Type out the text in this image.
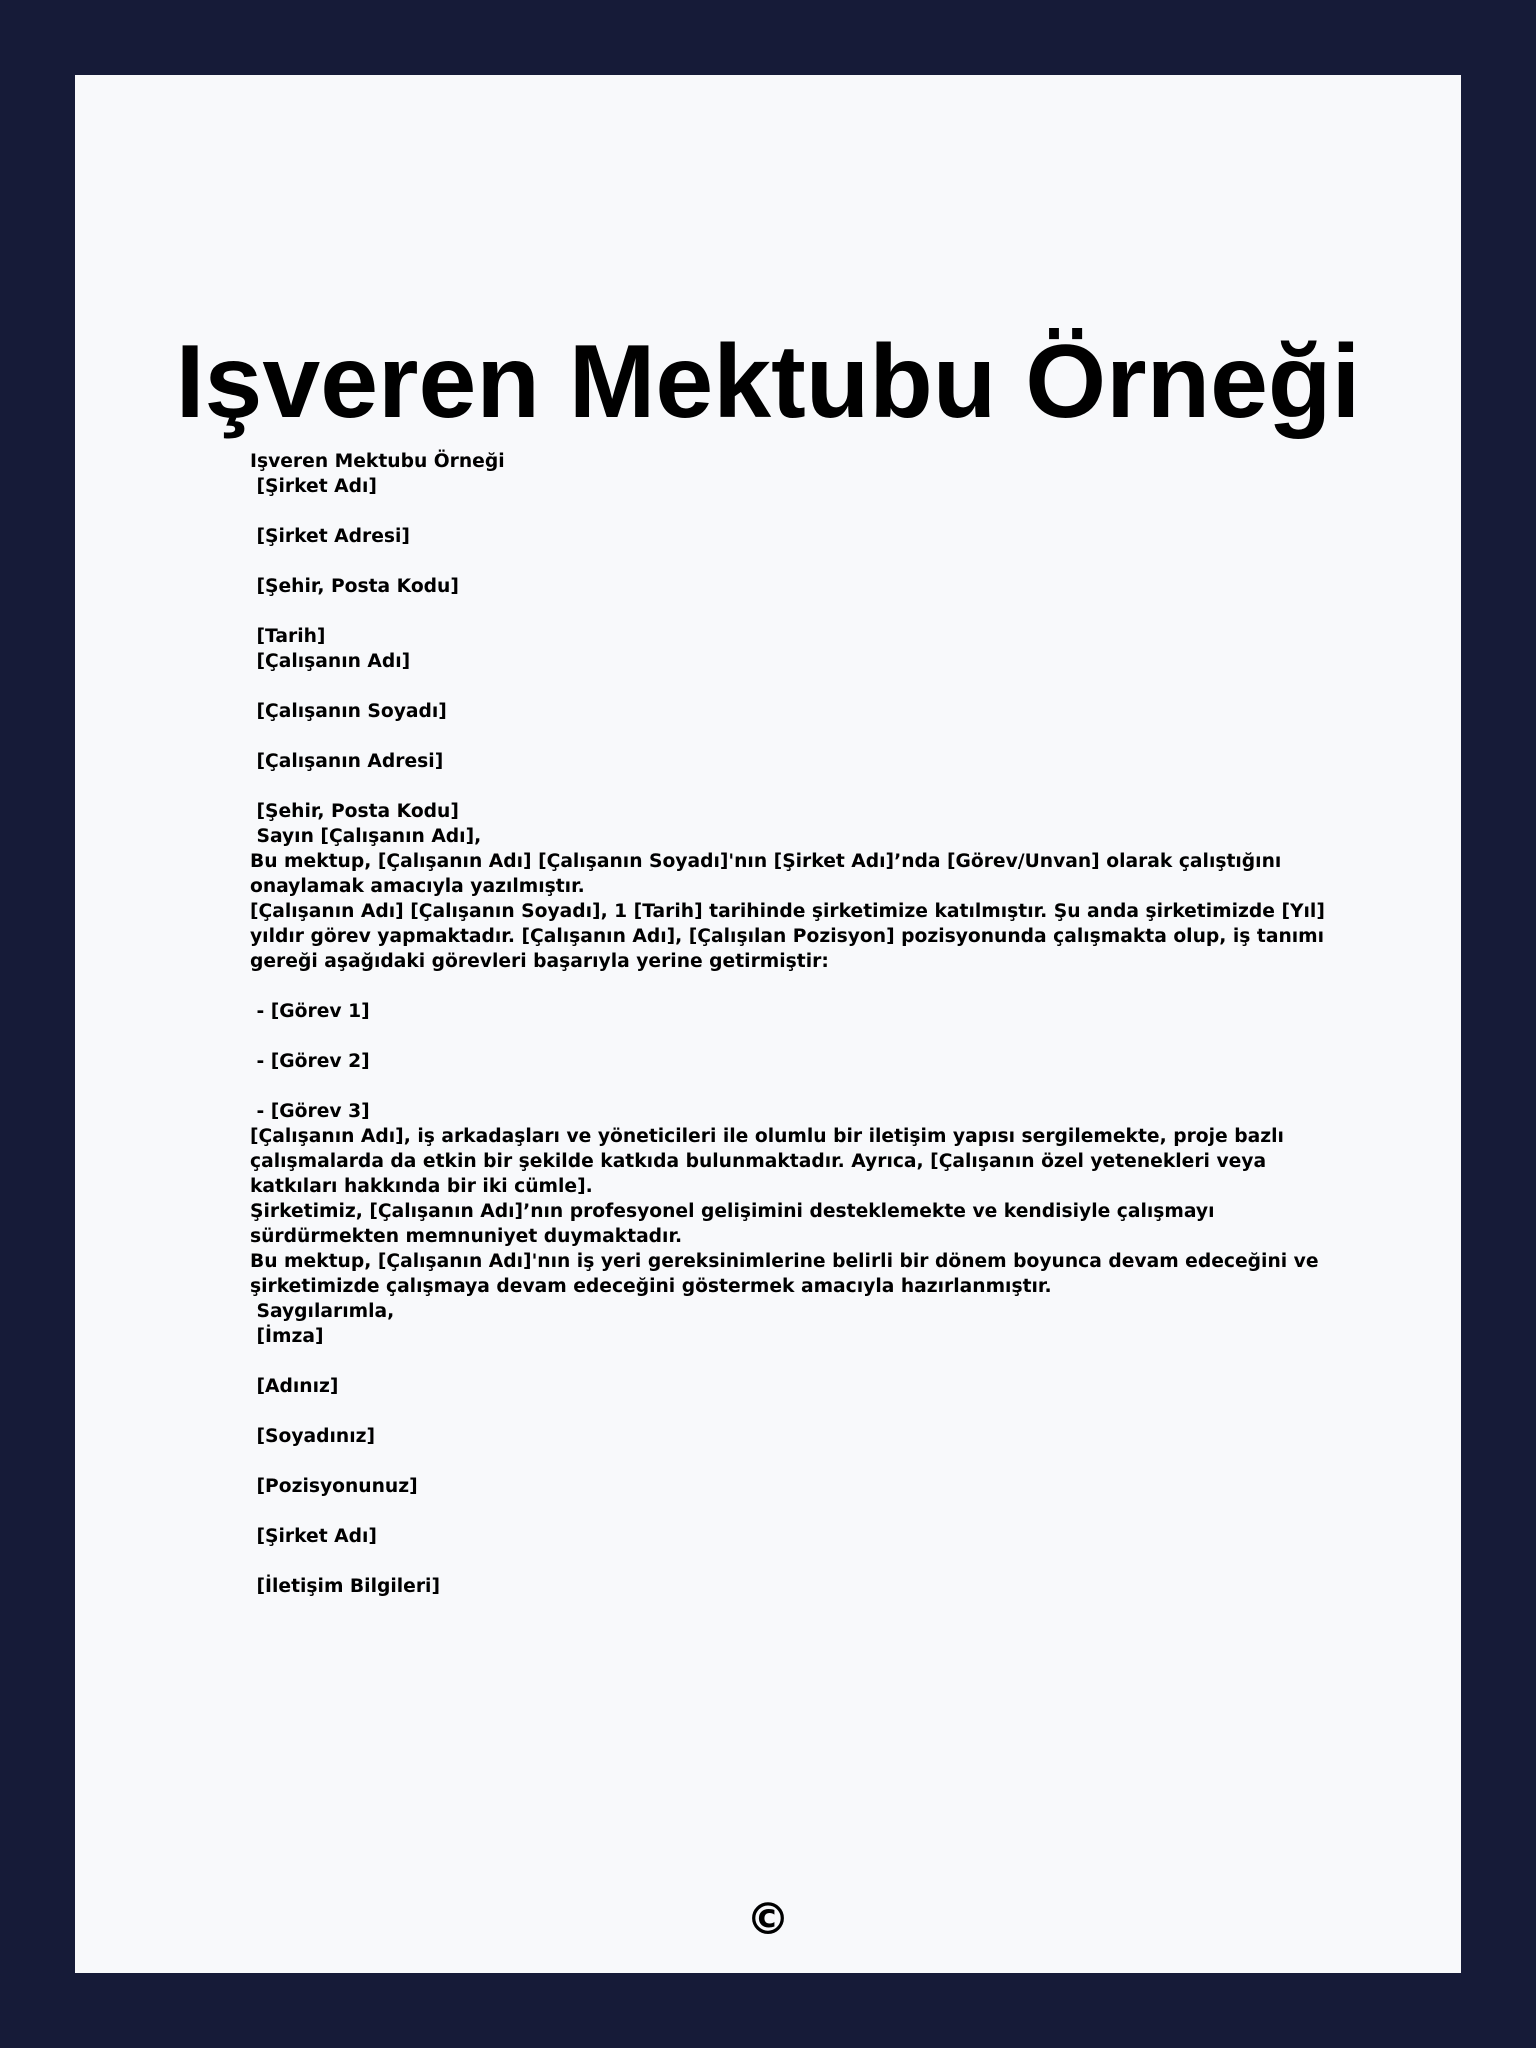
Işveren Mektubu Örneği
Işveren Mektubu Örneği
[Şirket Adı]
[Şirket Adresi]
[Şehir, Posta Kodu]
[Tarih]
[Çalışanın Adı]
[Çalışanın Soyadı]
[Çalışanın Adresi]
[Şehir, Posta Kodu]
Sayın [Çalışanın Adı],
Bu mektup, [Çalışanın Adı] [Çalışanın Soyadı]'nın [Şirket Adı]’nda [Görev/Unvan] olarak çalıştığını onaylamak amacıyla yazılmıştır.
[Çalışanın Adı] [Çalışanın Soyadı], 1 [Tarih] tarihinde şirketimize katılmıştır. Şu anda şirketimizde [Yıl] yıldır görev yapmaktadır. [Çalışanın Adı], [Çalışılan Pozisyon] pozisyonunda çalışmakta olup, iş tanımı gereği aşağıdaki görevleri başarıyla yerine getirmiştir:
- [Görev 1]
- [Görev 2]
- [Görev 3]
[Çalışanın Adı], iş arkadaşları ve yöneticileri ile olumlu bir iletişim yapısı sergilemekte, proje bazlı çalışmalarda da etkin bir şekilde katkıda bulunmaktadır. Ayrıca, [Çalışanın özel yetenekleri veya katkıları hakkında bir iki cümle].
Şirketimiz, [Çalışanın Adı]’nın profesyonel gelişimini desteklemekte ve kendisiyle çalışmayı sürdürmekten memnuniyet duymaktadır.
Bu mektup, [Çalışanın Adı]'nın iş yeri gereksinimlerine belirli bir dönem boyunca devam edeceğini ve şirketimizde çalışmaya devam edeceğini göstermek amacıyla hazırlanmıştır.
Saygılarımla,
[İmza]
[Adınız]
[Soyadınız]
[Pozisyonunuz]
[Şirket Adı]
[İletişim Bilgileri]
©
